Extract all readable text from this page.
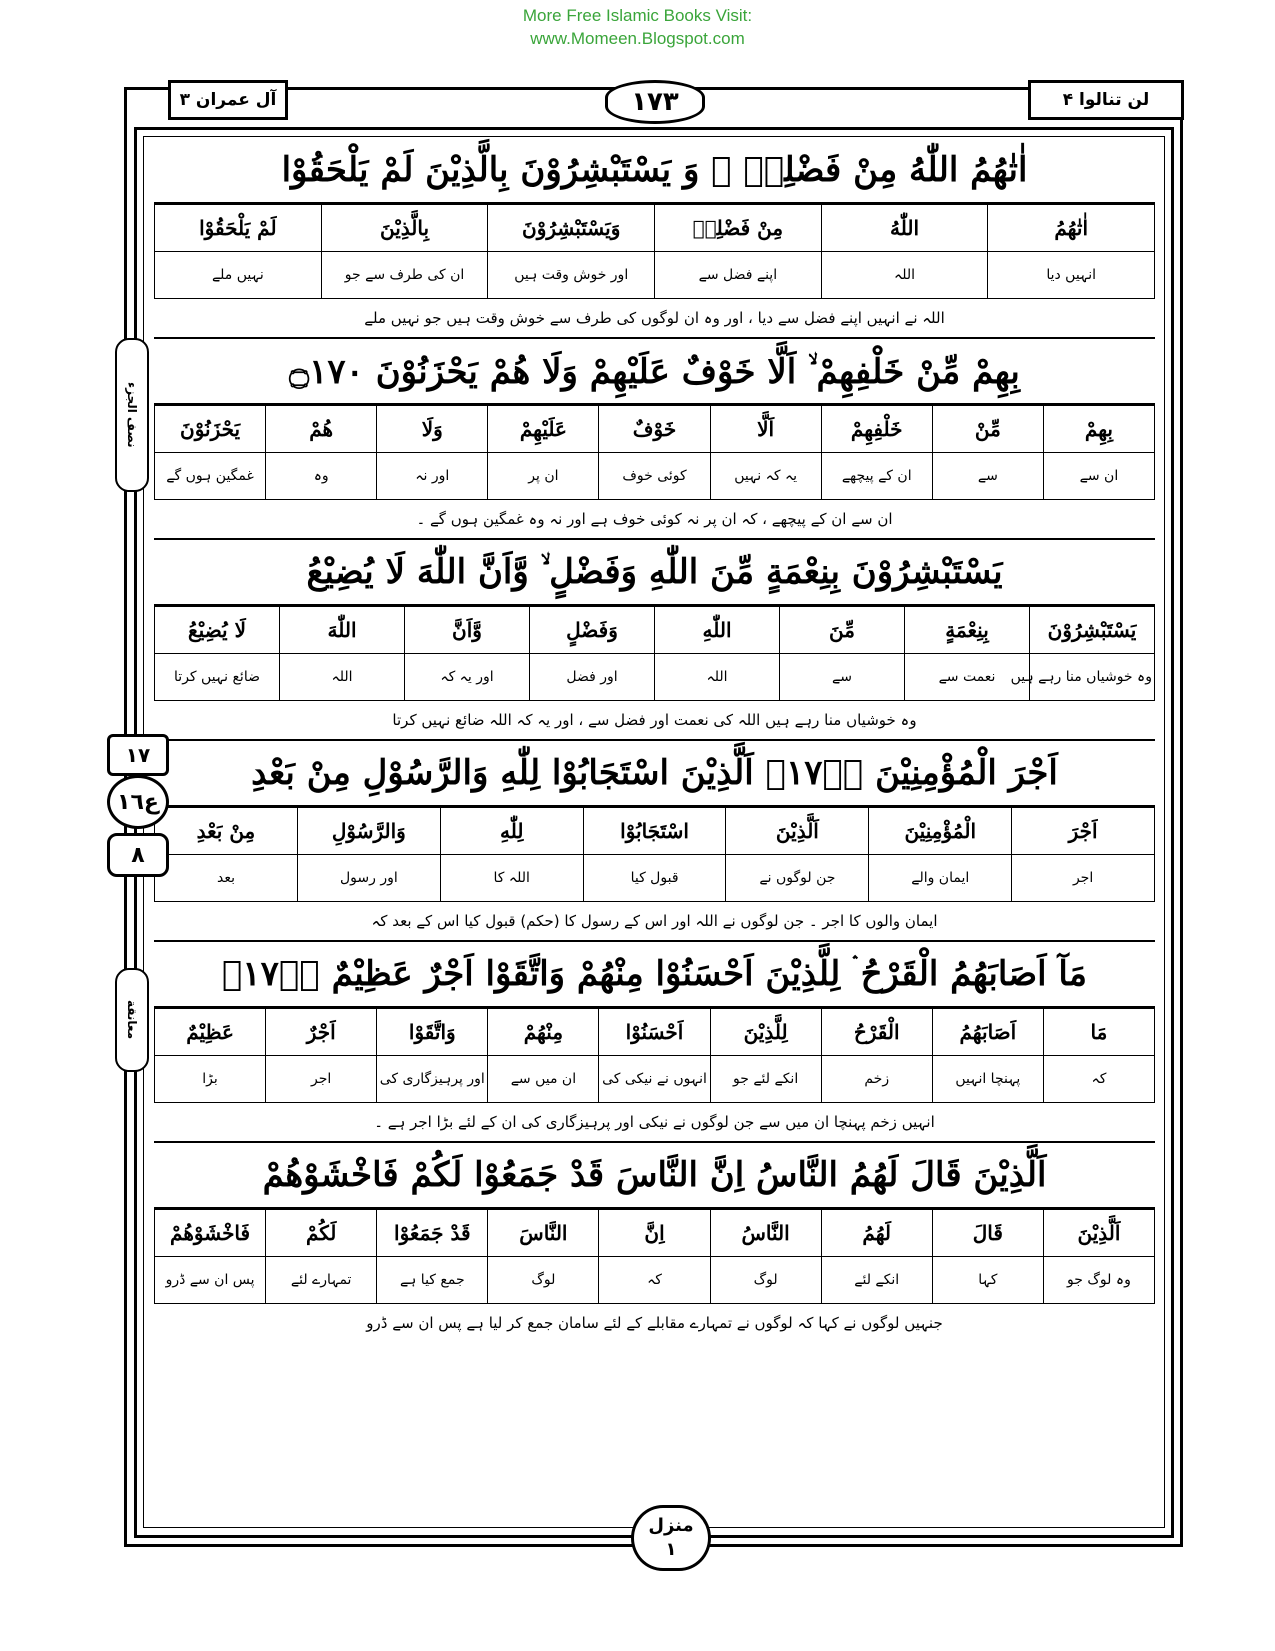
More Free Islamic Books Visit:
www.Momeen.Blogspot.com
آل عمران ۳	١٧٣	لن تنالوا ۴
اٰتٰهُمُ اللّٰهُ مِنْ فَضْلِهٖ ۙ وَ يَسْتَبْشِرُوْنَ بِالَّذِيْنَ لَمْ يَلْحَقُوْا
اٰتٰهُمُ	اللّٰهُ	مِنْ فَضْلِهٖ	وَيَسْتَبْشِرُوْنَ	بِالَّذِيْنَ	لَمْ يَلْحَقُوْا
انہیں دیا	اللہ	اپنے فضل سے	اور خوش وقت ہیں	ان کی طرف سے جو	نہیں ملے
اللہ نے انہیں اپنے فضل سے دیا ، اور وہ ان لوگوں کی طرف سے خوش وقت ہیں جو نہیں ملے
بِهِمْ مِّنْ خَلْفِهِمْ ۙ اَلَّا خَوْفٌ عَلَيْهِمْ وَلَا هُمْ يَحْزَنُوْنَ ۝١٧٠
بِهِمْ	مِّنْ	خَلْفِهِمْ	اَلَّا	خَوْفٌ	عَلَيْهِمْ	وَلَا	هُمْ	يَحْزَنُوْنَ
ان سے	سے	ان کے پیچھے	یہ کہ نہیں	کوئی خوف	ان پر	اور نہ	وہ	غمگین ہوں گے
ان سے ان کے پیچھے ، کہ ان پر نہ کوئی خوف ہے اور نہ وہ غمگین ہوں گے ۔
يَسْتَبْشِرُوْنَ بِنِعْمَةٍ مِّنَ اللّٰهِ وَفَضْلٍ ۙ وَّاَنَّ اللّٰهَ لَا يُضِيْعُ
يَسْتَبْشِرُوْنَ	بِنِعْمَةٍ	مِّنَ	اللّٰهِ	وَفَضْلٍ	وَّاَنَّ	اللّٰهَ	لَا يُضِيْعُ
وہ خوشیاں منا رہے ہیں	نعمت سے	سے	اللہ	اور فضل	اور یہ کہ	اللہ	ضائع نہیں کرتا
وہ خوشیاں منا رہے ہیں اللہ کی نعمت اور فضل سے ، اور یہ کہ اللہ ضائع نہیں کرتا
اَجْرَ الْمُؤْمِنِيْنَ ۝١٧١ۚ اَلَّذِيْنَ اسْتَجَابُوْا لِلّٰهِ وَالرَّسُوْلِ مِنْ بَعْدِ
اَجْرَ	الْمُؤْمِنِيْنَ	اَلَّذِيْنَ	اسْتَجَابُوْا	لِلّٰهِ	وَالرَّسُوْلِ	مِنْ بَعْدِ
اجر	ایمان والے	جن لوگوں نے	قبول کیا	اللہ کا	اور رسول	بعد
ایمان والوں کا اجر ۔ جن لوگوں نے اللہ اور اس کے رسول کا (حکم) قبول کیا اس کے بعد کہ
مَآ اَصَابَهُمُ الْقَرْحُ ۛ لِلَّذِيْنَ اَحْسَنُوْا مِنْهُمْ وَاتَّقَوْا اَجْرٌ عَظِيْمٌ ۝١٧٢ۚ
مَا	اَصَابَهُمُ	الْقَرْحُ	لِلَّذِيْنَ	اَحْسَنُوْا	مِنْهُمْ	وَاتَّقَوْا	اَجْرٌ	عَظِيْمٌ
کہ	پہنچا انہیں	زخم	انکے لئے جو	انہوں نے نیکی کی	ان میں سے	اور پرہیزگاری کی	اجر	بڑا
انہیں زخم پہنچا ان میں سے جن لوگوں نے نیکی اور پرہیزگاری کی ان کے لئے بڑا اجر ہے ۔
اَلَّذِيْنَ قَالَ لَهُمُ النَّاسُ اِنَّ النَّاسَ قَدْ جَمَعُوْا لَكُمْ فَاخْشَوْهُمْ
اَلَّذِيْنَ	قَالَ	لَهُمُ	النَّاسُ	اِنَّ	النَّاسَ	قَدْ جَمَعُوْا	لَكُمْ	فَاخْشَوْهُمْ
وہ لوگ جو	کہا	انکے لئے	لوگ	کہ	لوگ	جمع کیا ہے	تمہارے لئے	پس ان سے ڈرو
جنہیں لوگوں نے کہا کہ لوگوں نے تمہارے مقابلے کے لئے سامان جمع کر لیا ہے پس ان سے ڈرو
نصف الجزء
معانقة
١٧
ع١٦
٨
منزل
١
